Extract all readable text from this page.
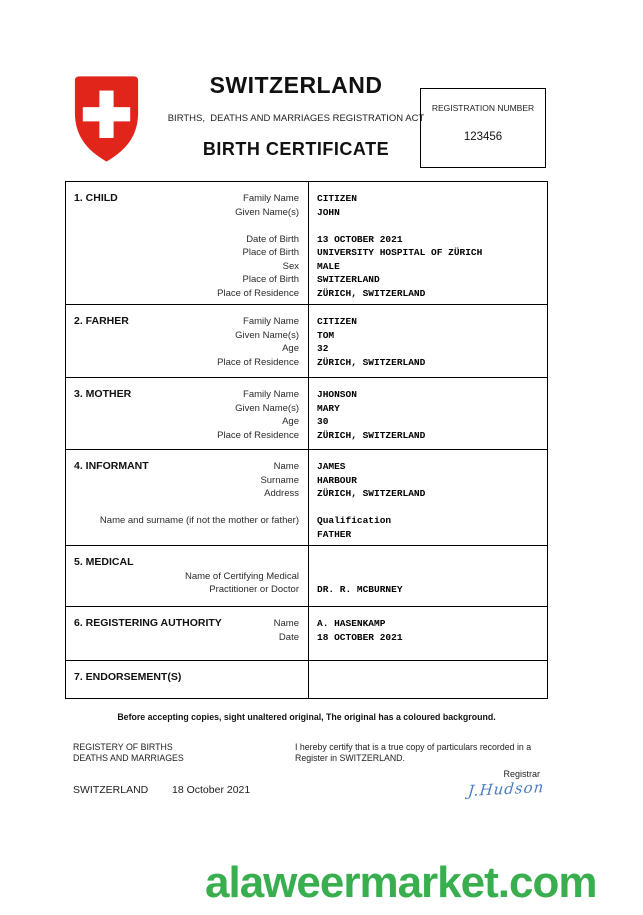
SWITZERLAND
BIRTHS,  DEATHS AND MARRIAGES REGISTRATION ACT
BIRTH CERTIFICATE
REGISTRATION NUMBER
123456
1. CHILD	Family Name	CITIZEN
Given Name(s)	JOHN
Date of Birth	13 OCTOBER 2021
Place of Birth	UNIVERSITY HOSPITAL OF ZÜRICH
Sex	MALE
Place of Birth	SWITZERLAND
Place of Residence	ZÜRICH, SWITZERLAND
2. FARHER	Family Name	CITIZEN
Given Name(s)	TOM
Age	32
Place of Residence	ZÜRICH, SWITZERLAND
3. MOTHER	Family Name	JHONSON
Given Name(s)	MARY
Age	30
Place of Residence	ZÜRICH, SWITZERLAND
4. INFORMANT	Name	JAMES
Surname	HARBOUR
Address	ZÜRICH, SWITZERLAND
Name and surname (if not the mother or father)	Qualification
FATHER
5. MEDICAL
Name of Certifying Medical
Practitioner or Doctor	DR. R. MCBURNEY
6. REGISTERING AUTHORITY	Name	A. HASENKAMP
Date	18 OCTOBER 2021
7. ENDORSEMENT(S)
Before accepting copies, sight unaltered original, The original has a coloured background.
REGISTERY OF BIRTHS
DEATHS AND MARRIAGES
I hereby certify that is a true copy of particulars recorded in a Register in SWITZERLAND.
Registrar
SWITZERLAND 18 October 2021	J.Hudson
alaweermarket.com
